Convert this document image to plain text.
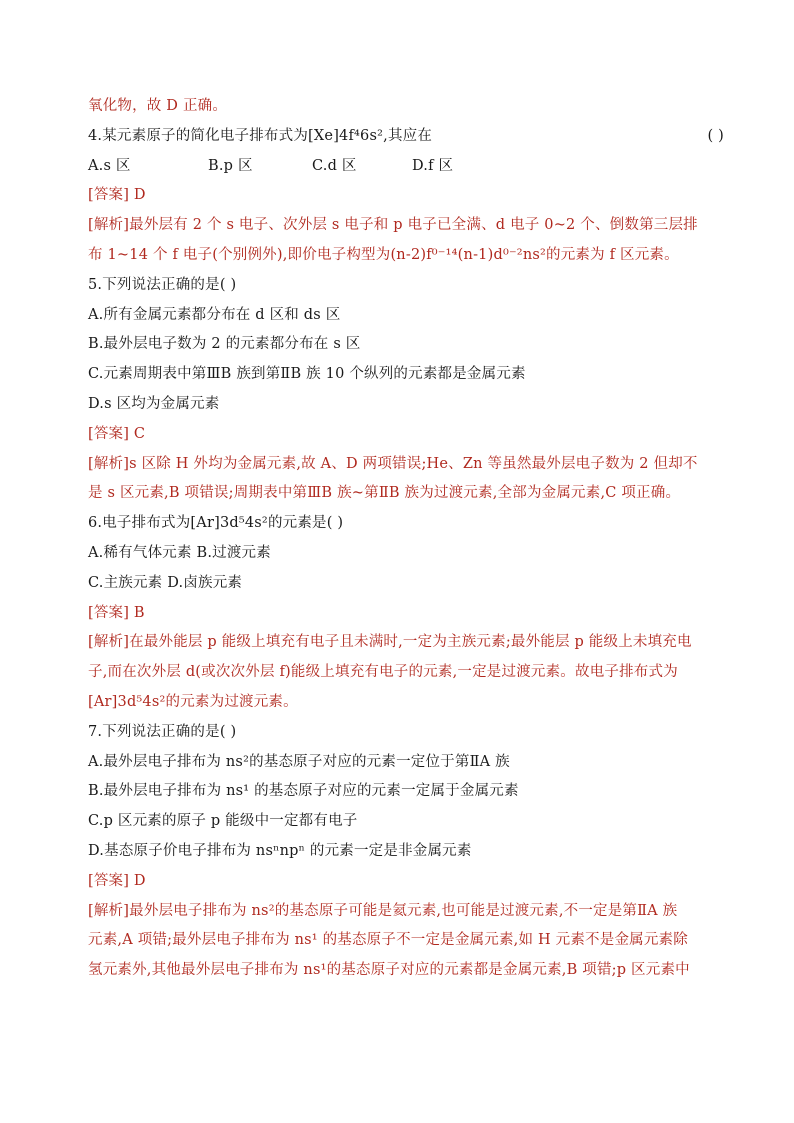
氧化物，故 D 正确。
4.某元素原子的简化电子排布式为[Xe]4f⁴6s²,其应在	( )
A.s 区	B.p 区	C.d 区	D.f 区
[答案] D
[解析]最外层有 2 个 s 电子、次外层 s 电子和 p 电子已全满、d 电子 0~2 个、倒数第三层排
布 1~14 个 f 电子(个别例外),即价电子构型为(n-2)f⁰⁻¹⁴(n-1)d⁰⁻²ns²的元素为 f 区元素。
5.下列说法正确的是( )
A.所有金属元素都分布在 d 区和 ds 区
B.最外层电子数为 2 的元素都分布在 s 区
C.元素周期表中第ⅢB 族到第ⅡB 族 10 个纵列的元素都是金属元素
D.s 区均为金属元素
[答案] C
[解析]s 区除 H 外均为金属元素,故 A、D 两项错误;He、Zn 等虽然最外层电子数为 2 但却不
是 s 区元素,B 项错误;周期表中第ⅢB 族~第ⅡB 族为过渡元素,全部为金属元素,C 项正确。
6.电子排布式为[Ar]3d⁵4s²的元素是( )
A.稀有气体元素 B.过渡元素
C.主族元素 D.卤族元素
[答案] B
[解析]在最外能层 p 能级上填充有电子且未满时,一定为主族元素;最外能层 p 能级上未填充电
子,而在次外层 d(或次次外层 f)能级上填充有电子的元素,一定是过渡元素。故电子排布式为
[Ar]3d⁵4s²的元素为过渡元素。
7.下列说法正确的是( )
A.最外层电子排布为 ns²的基态原子对应的元素一定位于第ⅡA 族
B.最外层电子排布为 ns¹ 的基态原子对应的元素一定属于金属元素
C.p 区元素的原子 p 能级中一定都有电子
D.基态原子价电子排布为 nsⁿnpⁿ 的元素一定是非金属元素
[答案] D
[解析]最外层电子排布为 ns²的基态原子可能是氦元素,也可能是过渡元素,不一定是第ⅡA 族
元素,A 项错;最外层电子排布为 ns¹ 的基态原子不一定是金属元素,如 H 元素不是金属元素除
氢元素外,其他最外层电子排布为 ns¹的基态原子对应的元素都是金属元素,B 项错;p 区元素中
